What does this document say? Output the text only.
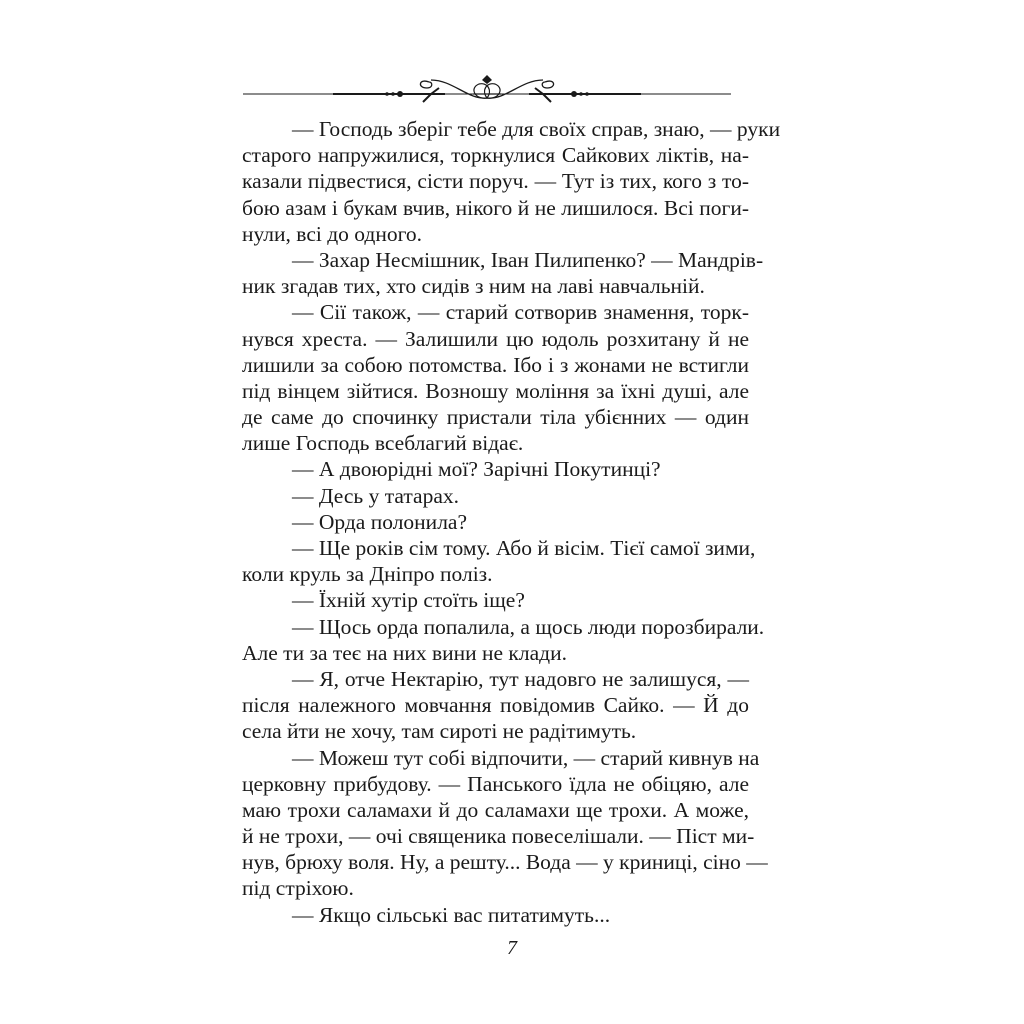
— Господь зберіг тебе для своїх справ, знаю, — руки
старого напружилися, торкнулися Сайкових ліктів, на-
казали підвестися, сісти поруч. — Тут із тих, кого з то-
бою азам і букам вчив, нікого й не лишилося. Всі поги-
нули, всі до одного.
— Захар Несмішник, Іван Пилипенко? — Мандрів-
ник згадав тих, хто сидів з ним на лаві навчальній.
— Сії також, — старий сотворив знамення, торк-
нувся хреста. — Залишили цю юдоль розхитану й не
лишили за собою потомства. Ібо і з жонами не встигли
під вінцем зійтися. Возношу моління за їхні душі, але
де саме до спочинку пристали тіла убієнних — один
лише Господь всеблагий відає.
— А двоюрідні мої? Зарічні Покутинці?
— Десь у татарах.
— Орда полонила?
— Ще років сім тому. Або й вісім. Тієї самої зими,
коли круль за Дніпро поліз.
— Їхній хутір стоїть іще?
— Щось орда попалила, а щось люди порозбирали.
Але ти за теє на них вини не клади.
— Я, отче Нектарію, тут надовго не залишуся, —
після належного мовчання повідомив Сайко. — Й до
села йти не хочу, там сироті не радітимуть.
— Можеш тут собі відпочити, — старий кивнув на
церковну прибудову. — Панського їдла не обіцяю, але
маю трохи саламахи й до саламахи ще трохи. А може,
й не трохи, — очі священика повеселішали. — Піст ми-
нув, брюху воля. Ну, а решту... Вода — у криниці, сіно —
під стріхою.
— Якщо сільські вас питатимуть...
7
